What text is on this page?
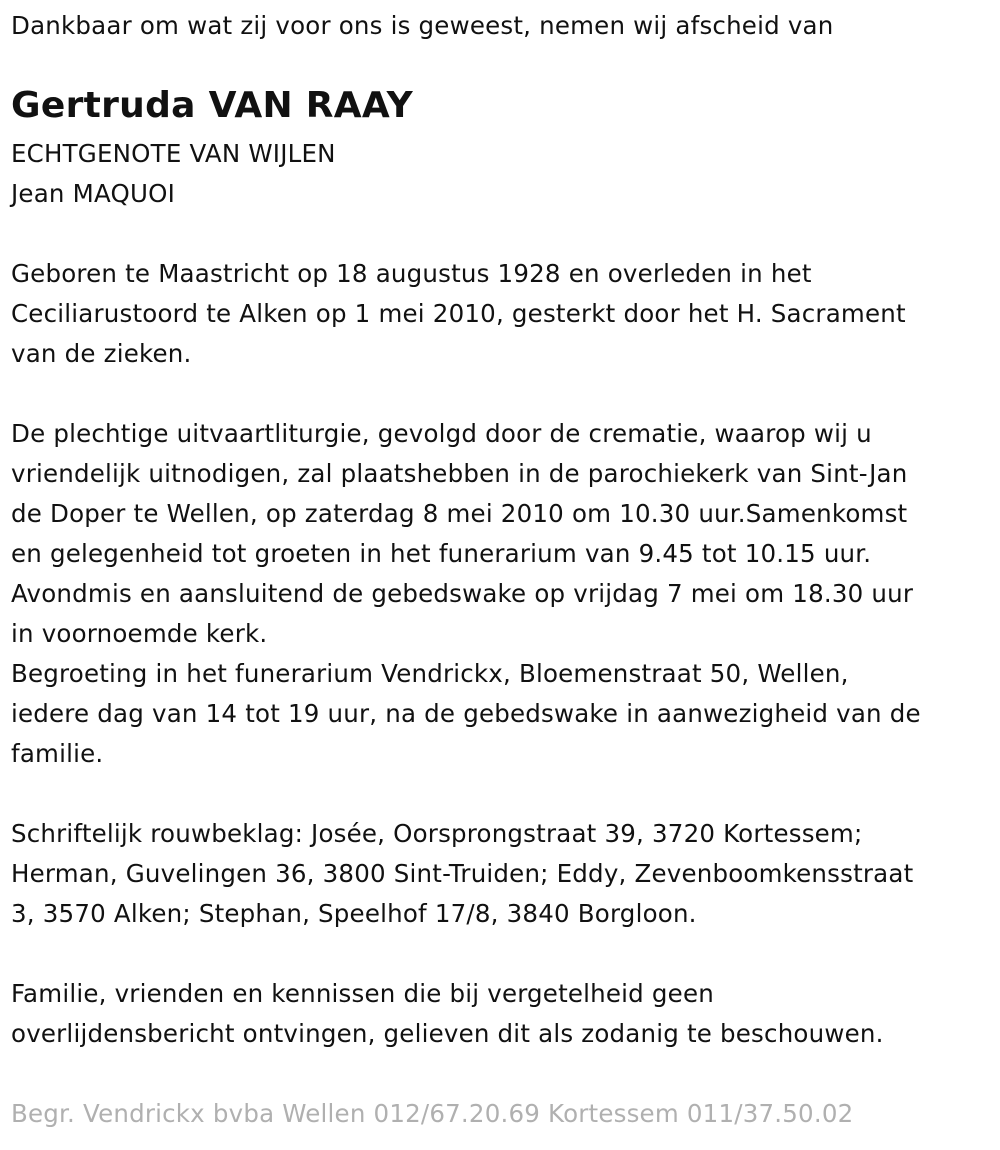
Dankbaar om wat zij voor ons is geweest, nemen wij afscheid van

Gertruda VAN RAAY

ECHTGENOTE VAN WIJLEN

Jean MAQUOI

Geboren te Maastricht op 18 augustus 1928 en overleden in het

Ceciliarustoord te Alken op 1 mei 2010, gesterkt door het H. Sacrament

van de zieken.

De plechtige uitvaartliturgie, gevolgd door de crematie, waarop wij u

vriendelijk uitnodigen, zal plaatshebben in de parochiekerk van Sint-Jan

de Doper te Wellen, op zaterdag 8 mei 2010 om 10.30 uur.Samenkomst

en gelegenheid tot groeten in het funerarium van 9.45 tot 10.15 uur.

Avondmis en aansluitend de gebedswake op vrijdag 7 mei om 18.30 uur

in voornoemde kerk.

Begroeting in het funerarium Vendrickx, Bloemenstraat 50, Wellen,

iedere dag van 14 tot 19 uur, na de gebedswake in aanwezigheid van de

familie.

Schriftelijk rouwbeklag: Josée, Oorsprongstraat 39, 3720 Kortessem;

Herman, Guvelingen 36, 3800 Sint-Truiden; Eddy, Zevenboomkensstraat

3, 3570 Alken; Stephan, Speelhof 17/8, 3840 Borgloon.

Familie, vrienden en kennissen die bij vergetelheid geen

overlijdensbericht ontvingen, gelieven dit als zodanig te beschouwen.

Begr. Vendrickx bvba Wellen 012/67.20.69 Kortessem 011/37.50.02
